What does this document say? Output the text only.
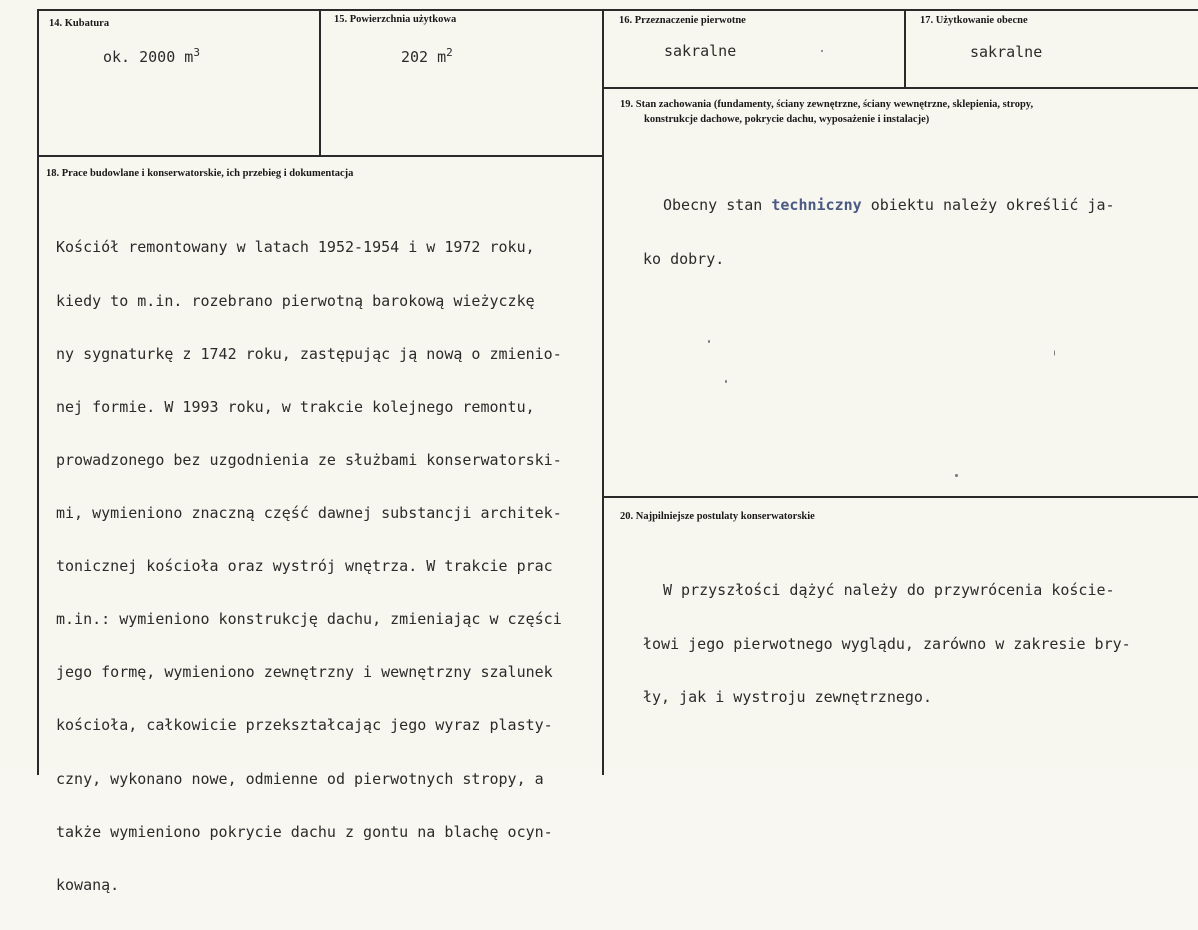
14. Kubatura
ok. 2000 $m^3$
15. Powierzchnia użytkowa
202 $m^2$
16. Przeznaczenie pierwotne
sakralne
17. Użytkowanie obecne
sakralne
18. Prace budowlane i konserwatorskie, ich przebieg i dokumentacja

Kościół remontowany w latach 1952-1954 i w 1972 roku,

kiedy to m.in. rozebrano pierwotną barokową wieżyczkę

ny sygnaturkę z 1742 roku, zastępując ją nową o zmienio-

nej formie. W 1993 roku, w trakcie kolejnego remontu,

prowadzonego bez uzgodnienia ze służbami konserwatorski-

mi, wymieniono znaczną część dawnej substancji architek-

tonicznej kościoła oraz wystrój wnętrza. W trakcie prac

m.in.: wymieniono konstrukcję dachu, zmieniając w części

jego formę, wymieniono zewnętrzny i wewnętrzny szalunek

kościoła, całkowicie przekształcając jego wyraz plasty-

czny, wykonano nowe, odmienne od pierwotnych stropy, a

także wymieniono pokrycie dachu z gontu na blachę ocyn-

kowaną.

19. Stan zachowania (fundamenty, ściany zewnętrzne, ściany wewnętrzne, sklepienia, stropy,
konstrukcje dachowe, pokrycie dachu, wyposażenie i instalacje)

Obecny stan techniczny obiektu należy określić ja-

ko dobry.

20. Najpilniejsze postulaty konserwatorskie

W przyszłości dążyć należy do przywrócenia koście-

łowi jego pierwotnego wyglądu, zarówno w zakresie bry-

ły, jak i wystroju zewnętrznego.
